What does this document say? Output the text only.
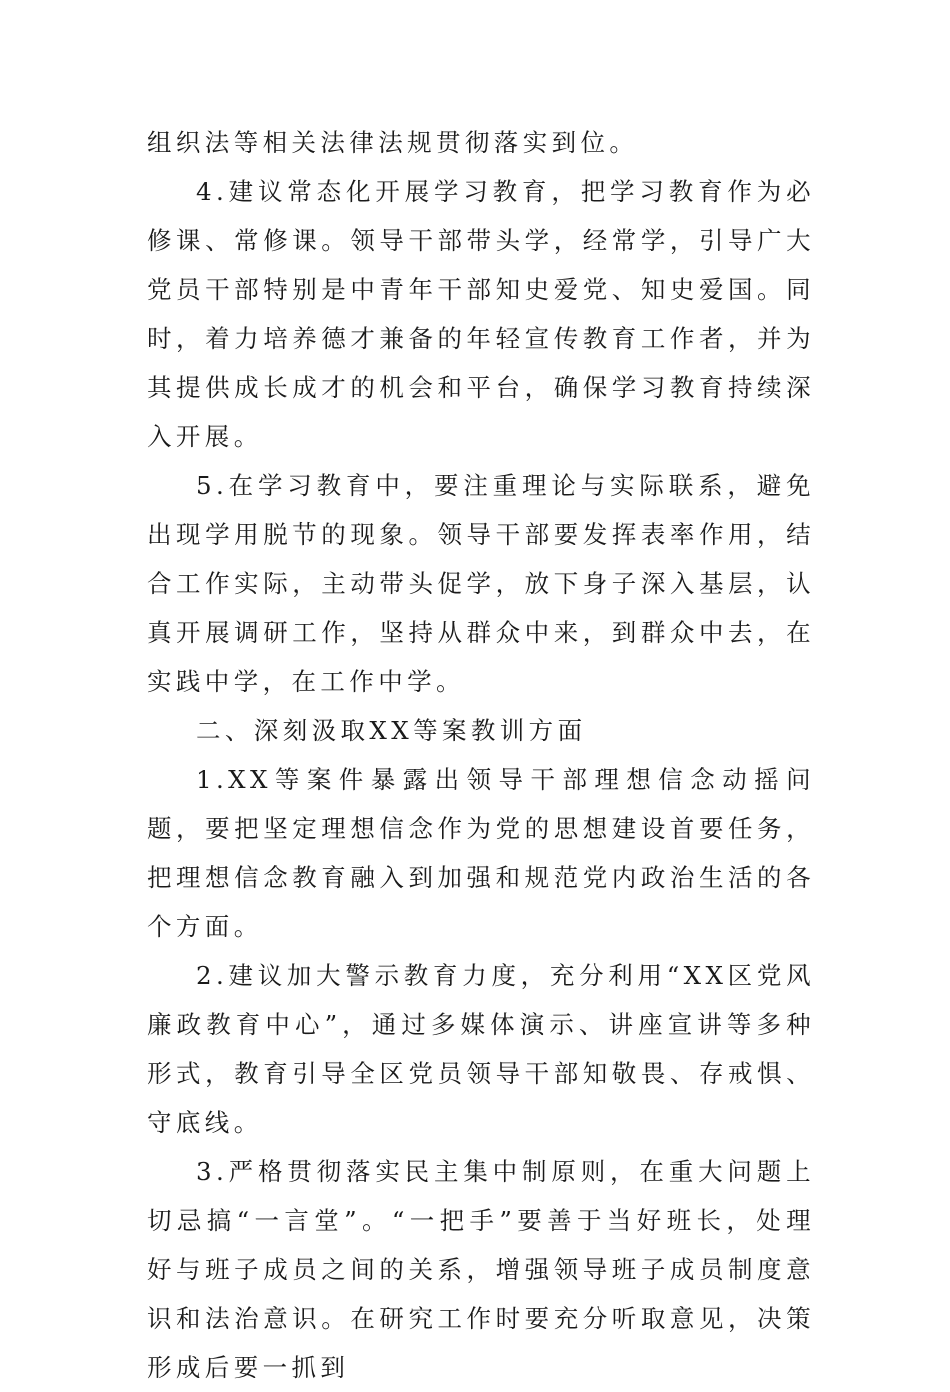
组织法等相关法律法规贯彻落实到位。

4.建议常态化开展学习教育，把学习教育作为必修课、常修课。领导干部带头学，经常学，引导广大党员干部特别是中青年干部知史爱党、知史爱国。同时，着力培养德才兼备的年轻宣传教育工作者，并为其提供成长成才的机会和平台，确保学习教育持续深入开展。

5.在学习教育中，要注重理论与实际联系，避免出现学用脱节的现象。领导干部要发挥表率作用，结合工作实际，主动带头促学，放下身子深入基层，认真开展调研工作，坚持从群众中来，到群众中去，在实践中学，在工作中学。

二、深刻汲取XX等案教训方面

1.XX等案件暴露出领导干部理想信念动摇问题，要把坚定理想信念作为党的思想建设首要任务，把理想信念教育融入到加强和规范党内政治生活的各个方面。

2.建议加大警示教育力度，充分利用“XX区党风廉政教育中心”，通过多媒体演示、讲座宣讲等多种形式，教育引导全区党员领导干部知敬畏、存戒惧、守底线。

3.严格贯彻落实民主集中制原则，在重大问题上切忌搞“一言堂”。“一把手”要善于当好班长，处理好与班子成员之间的关系，增强领导班子成员制度意识和法治意识。在研究工作时要充分听取意见，决策形成后要一抓到
